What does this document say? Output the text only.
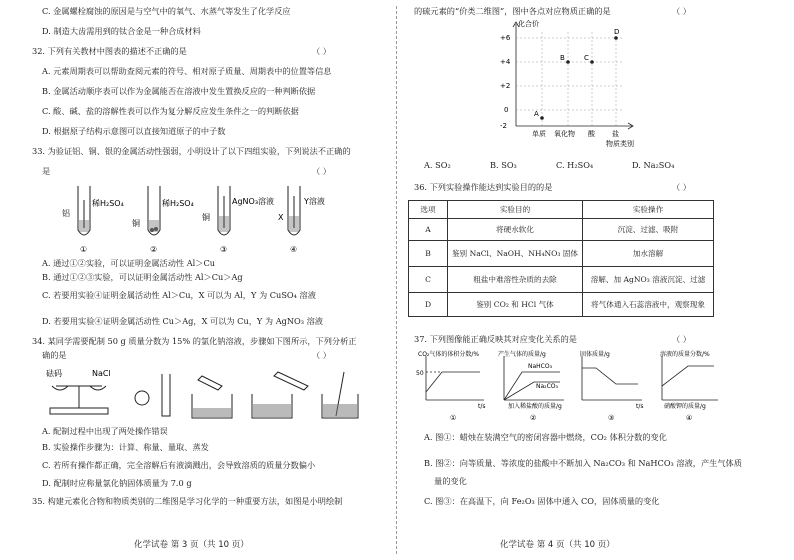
C. 金属螺栓腐蚀的原因是与空气中的氧气、水蒸气等发生了化学反应
D. 制造大齿需用到的钛合金是一种合成材料
32. 下列有关教材中图表的描述不正确的是	（ ）
A. 元素周期表可以帮助查阅元素的符号、相对原子质量、周期表中的位置等信息
B. 金属活动顺序表可以作为金属能否在溶液中发生置换反应的一种判断依据
C. 酸、碱、盐的溶解性表可以作为复分解反应发生条件之一的判断依据
D. 根据原子结构示意图可以直接知道原子的中子数
33. 为验证铝、铜、银的金属活动性强弱，小明设计了以下四组实验，下列说法不正确的
是	（ ）
稀H₂SO₄
铝
稀H₂SO₄
铜
AgNO₃溶液
铜
Y溶液
X
①	②	③	④
A. 通过①②实验，可以证明金属活动性 Al＞Cu
B. 通过①②③实验，可以证明金属活动性 Al＞Cu＞Ag
C. 若要用实验④证明金属活动性 Al＞Cu，X 可以为 Al，Y 为 CuSO₄ 溶液
D. 若要用实验④证明金属活动性 Cu＞Ag，X 可以为 Cu，Y 为 AgNO₃ 溶液
34. 某同学需要配制 50 g 质量分数为 15% 的氯化钠溶液，步骤如下图所示，下列分析正
确的是	（ ）
砝码	NaCl
A. 配制过程中出现了两处操作错误
B. 实验操作步骤为：计算、称量、量取、蒸发
C. 若所有操作都正确，完全溶解后有液滴溅出，会导致溶质的质量分数偏小
D. 配制时应称量氯化钠固体质量为 7.0 g
35. 构建元素化合物和物质类别的二维图是学习化学的一种重要方法，如图是小明绘制
化学试卷 第 3 页（共 10 页）
的硫元素的“价类二维图”，图中各点对应物质正确的是	（ ）
化合价
+6
+4
+2
0
-2
A
B	C
D
单质 氧化物 酸 盐
物质类别
A. SO₂	B. SO₃	C. H₂SO₄	D. Na₂SO₄
36. 下列实验操作能达到实验目的的是	（ ）
选项	实验目的	实验操作
A	将硬水软化	沉淀、过滤、吸附
B	鉴别 NaCl、NaOH、NH₄NO₃ 固体	加水溶解
C	粗盐中难溶性杂质的去除	溶解、加 AgNO₃ 溶液沉淀、过滤
D	鉴别 CO₂ 和 HCl 气体	将气体通入石蕊溶液中，观察现象
37. 下列图像能正确反映其对应变化关系的是	（ ）
CO₂气体的体积分数/%
50
t/s
①
产生气体的质量/g
NaHCO₃
Na₂CO₃
加入稀盐酸的质量/g
②
固体质量/g
t/s
③
溶液的质量分数/%
硝酸钾的质量/g
④
A. 图①：蜡烛在装满空气的密闭容器中燃烧，CO₂ 体积分数的变化
B. 图②：向等质量、等浓度的盐酸中不断加入 Na₂CO₃ 和 NaHCO₃ 溶液，产生气体质
量的变化
C. 图③：在高温下，向 Fe₂O₃ 固体中通入 CO，固体质量的变化
化学试卷 第 4 页（共 10 页）
